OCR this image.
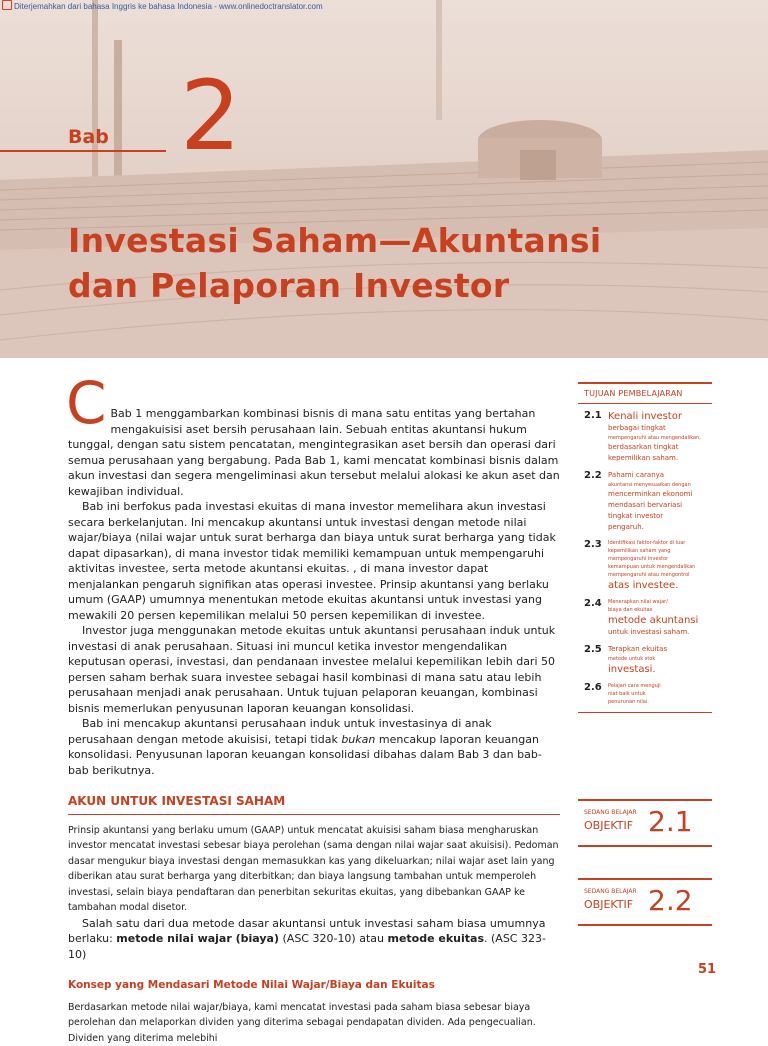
Bab 2
Investasi Saham—Akuntansi
dan Pelaporan Investor
Diterjemahkan dari bahasa Inggris ke bahasa Indonesia - www.onlinedoctranslator.com
C Bab 1 menggambarkan kombinasi bisnis di mana satu entitas yang bertahan mengakuisisi aset bersih perusahaan lain. Sebuah entitas akuntansi hukum tunggal, dengan satu sistem pencatatan, mengintegrasikan aset bersih dan operasi dari semua perusahaan yang bergabung. Pada Bab 1, kami mencatat kombinasi bisnis dalam akun investasi dan segera mengeliminasi akun tersebut melalui alokasi ke akun aset dan kewajiban individual.

Bab ini berfokus pada investasi ekuitas di mana investor memelihara akun investasi secara berkelanjutan. Ini mencakup akuntansi untuk investasi dengan metode nilai wajar/biaya (nilai wajar untuk surat berharga dan biaya untuk surat berharga yang tidak dapat dipasarkan), di mana investor tidak memiliki kemampuan untuk mempengaruhi aktivitas investee, serta metode akuntansi ekuitas. , di mana investor dapat menjalankan pengaruh signifikan atas operasi investee. Prinsip akuntansi yang berlaku umum (GAAP) umumnya menentukan metode ekuitas akuntansi untuk investasi yang mewakili 20 persen kepemilikan melalui 50 persen kepemilikan di investee.

Investor juga menggunakan metode ekuitas untuk akuntansi perusahaan induk untuk investasi di anak perusahaan. Situasi ini muncul ketika investor mengendalikan keputusan operasi, investasi, dan pendanaan investee melalui kepemilikan lebih dari 50 persen saham berhak suara investee sebagai hasil kombinasi di mana satu atau lebih perusahaan menjadi anak perusahaan. Untuk tujuan pelaporan keuangan, kombinasi bisnis memerlukan penyusunan laporan keuangan konsolidasi.

Bab ini mencakup akuntansi perusahaan induk untuk investasinya di anak perusahaan dengan metode akuisisi, tetapi tidak bukan mencakup laporan keuangan konsolidasi. Penyusunan laporan keuangan konsolidasi dibahas dalam Bab 3 dan bab-bab berikutnya.

AKUN UNTUK INVESTASI SAHAM

Prinsip akuntansi yang berlaku umum (GAAP) untuk mencatat akuisisi saham biasa mengharuskan investor mencatat investasi sebesar biaya perolehan (sama dengan nilai wajar saat akuisisi). Pedoman dasar mengukur biaya investasi dengan memasukkan kas yang dikeluarkan; nilai wajar aset lain yang diberikan atau surat berharga yang diterbitkan; dan biaya langsung tambahan untuk memperoleh investasi, selain biaya pendaftaran dan penerbitan sekuritas ekuitas, yang dibebankan GAAP ke tambahan modal disetor.

Salah satu dari dua metode dasar akuntansi untuk investasi saham biasa umumnya berlaku: metode nilai wajar (biaya) (ASC 320-10) atau metode ekuitas. (ASC 323-10)

Konsep yang Mendasari Metode Nilai Wajar/Biaya dan Ekuitas

Berdasarkan metode nilai wajar/biaya, kami mencatat investasi pada saham biasa sebesar biaya perolehan dan melaporkan dividen yang diterima sebagai pendapatan dividen. Ada pengecualian. Dividen yang diterima melebihi

TUJUAN PEMBELAJARAN
2.1 Kenali investor
berbagai tingkat
mempengaruhi atau mengendalikan,
berdasarkan tingkat
kepemilikan saham.
2.2 Pahami caranya
akuntansi menyesuaikan dengan
mencerminkan ekonomi
mendasari bervariasi
tingkat investor
pengaruh.
2.3	Identifikasi faktor-faktor di luar
kepemilikan saham yang
mempengaruhi investor
kemampuan untuk mengendalikan
mempengaruhi atau mengontrol
atas investee.
2.4	Menerapkan nilai wajar/
biaya dan ekuitas
metode akuntansi
untuk investasi saham.
2.5 Terapkan ekuitas
metode untuk stok
investasi.
2.6	Pelajari cara menguji
niat baik untuk
penurunan nilai.
SEDANG BELAJAR
OBJEKTIF 2.1
SEDANG BELAJAR
OBJEKTIF 2.2
51
